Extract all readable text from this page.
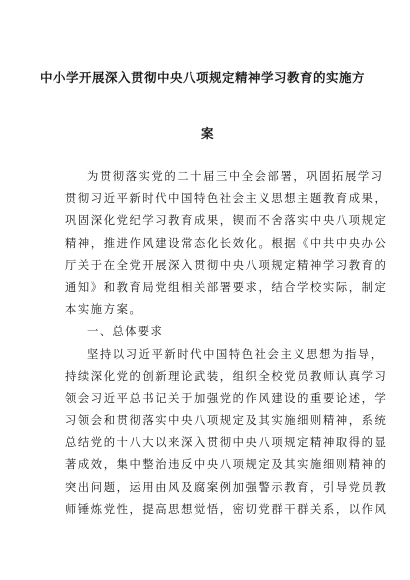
中小学开展深入贯彻中央八项规定精神学习教育的实施方
案
为贯彻落实党的二十届三中全会部署，巩固拓展学习
贯彻习近平新时代中国特色社会主义思想主题教育成果，
巩固深化党纪学习教育成果，锲而不舍落实中央八项规定
精神，推进作风建设常态化长效化。根据《中共中央办公
厅关于在全党开展深入贯彻中央八项规定精神学习教育的
通知》和教育局党组相关部署要求，结合学校实际，制定
本实施方案。
一、总体要求
坚持以习近平新时代中国特色社会主义思想为指导，
持续深化党的创新理论武装，组织全校党员教师认真学习
领会习近平总书记关于加强党的作风建设的重要论述，学
习领会和贯彻落实中央八项规定及其实施细则精神，系统
总结党的十八大以来深入贯彻中央八项规定精神取得的显
著成效，集中整治违反中央八项规定及其实施细则精神的
突出问题，运用由风及腐案例加强警示教育，引导党员教
师锤炼党性，提高思想觉悟，密切党群干群关系，以作风
